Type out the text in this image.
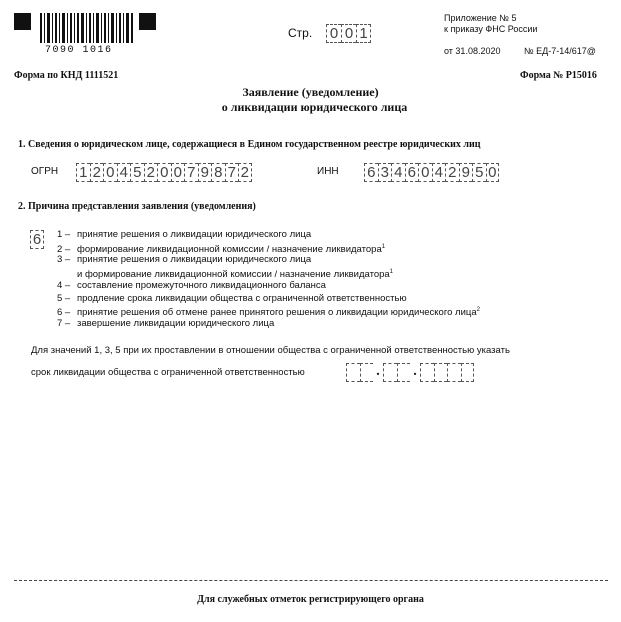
7090 1016
Стр. 0 0 1
Приложение № 5
к приказу ФНС России
от 31.08.2020	№ ЕД-7-14/617@
Форма по КНД 1111521	Форма № Р15016
Заявление (уведомление)
о ликвидации юридического лица
1. Сведения о юридическом лице, содержащиеся в Едином государственном реестре юридических лиц
ОГРН 1 2 0 4 5 2 0 0 7 9 8 7 2	ИНН 6 3 4 6 0 4 2 9 5 0
2. Причина представления заявления (уведомления)
6 1 – принятие решения о ликвидации юридического лица
2 – формирование ликвидационной комиссии / назначение ликвидатора$^1$
3 – принятие решения о ликвидации юридического лица
и формирование ликвидационной комиссии / назначение ликвидатора$^1$
4 – составление промежуточного ликвидационного баланса
5 – продление срока ликвидации общества с ограниченной ответственностью
6 – принятие решения об отмене ранее принятого решения о ликвидации юридического лица$^2$
7 – завершение ликвидации юридического лица
Для значений 1, 3, 5 при их проставлении в отношении общества с ограниченной ответственностью указать
срок ликвидации общества с ограниченной ответственностью	. .
Для служебных отметок регистрирующего органа
